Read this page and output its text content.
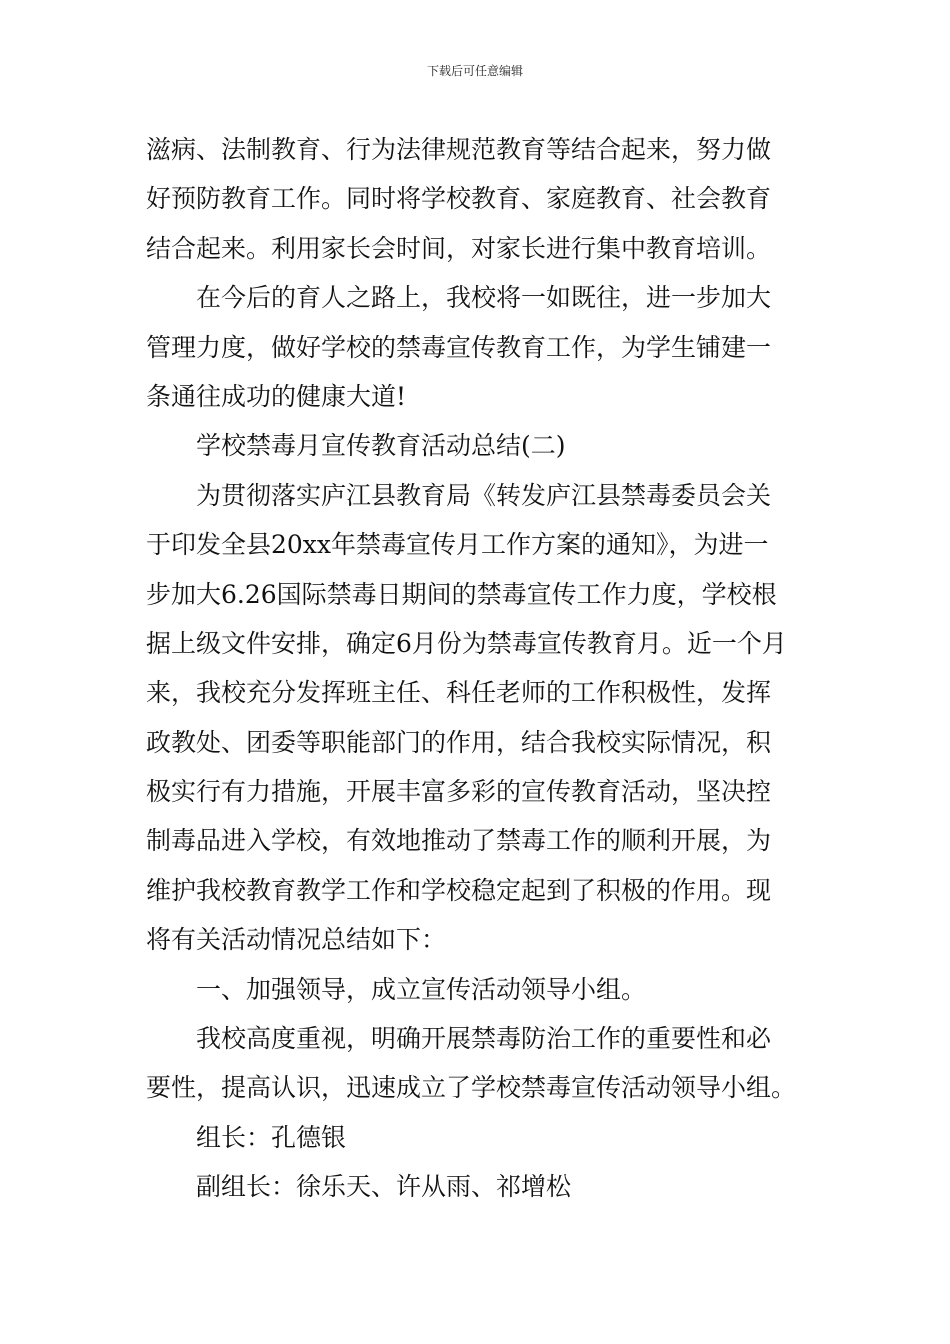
下载后可任意编辑
滋病、法制教育、行为法律规范教育等结合起来，努力做
好预防教育工作。同时将学校教育、家庭教育、社会教育
结合起来。利用家长会时间，对家长进行集中教育培训。
在今后的育人之路上，我校将一如既往，进一步加大
管理力度，做好学校的禁毒宣传教育工作，为学生铺建一
条通往成功的健康大道!
学校禁毒月宣传教育活动总结(二)
为贯彻落实庐江县教育局《转发庐江县禁毒委员会关
于印发全县20xx年禁毒宣传月工作方案的通知》，为进一
步加大6.26国际禁毒日期间的禁毒宣传工作力度，学校根
据上级文件安排，确定6月份为禁毒宣传教育月。近一个月
来，我校充分发挥班主任、科任老师的工作积极性，发挥
政教处、团委等职能部门的作用，结合我校实际情况，积
极实行有力措施，开展丰富多彩的宣传教育活动，坚决控
制毒品进入学校，有效地推动了禁毒工作的顺利开展，为
维护我校教育教学工作和学校稳定起到了积极的作用。现
将有关活动情况总结如下：
一、加强领导，成立宣传活动领导小组。
我校高度重视，明确开展禁毒防治工作的重要性和必
要性，提高认识，迅速成立了学校禁毒宣传活动领导小组。
组长：孔德银
副组长：徐乐天、许从雨、祁增松
